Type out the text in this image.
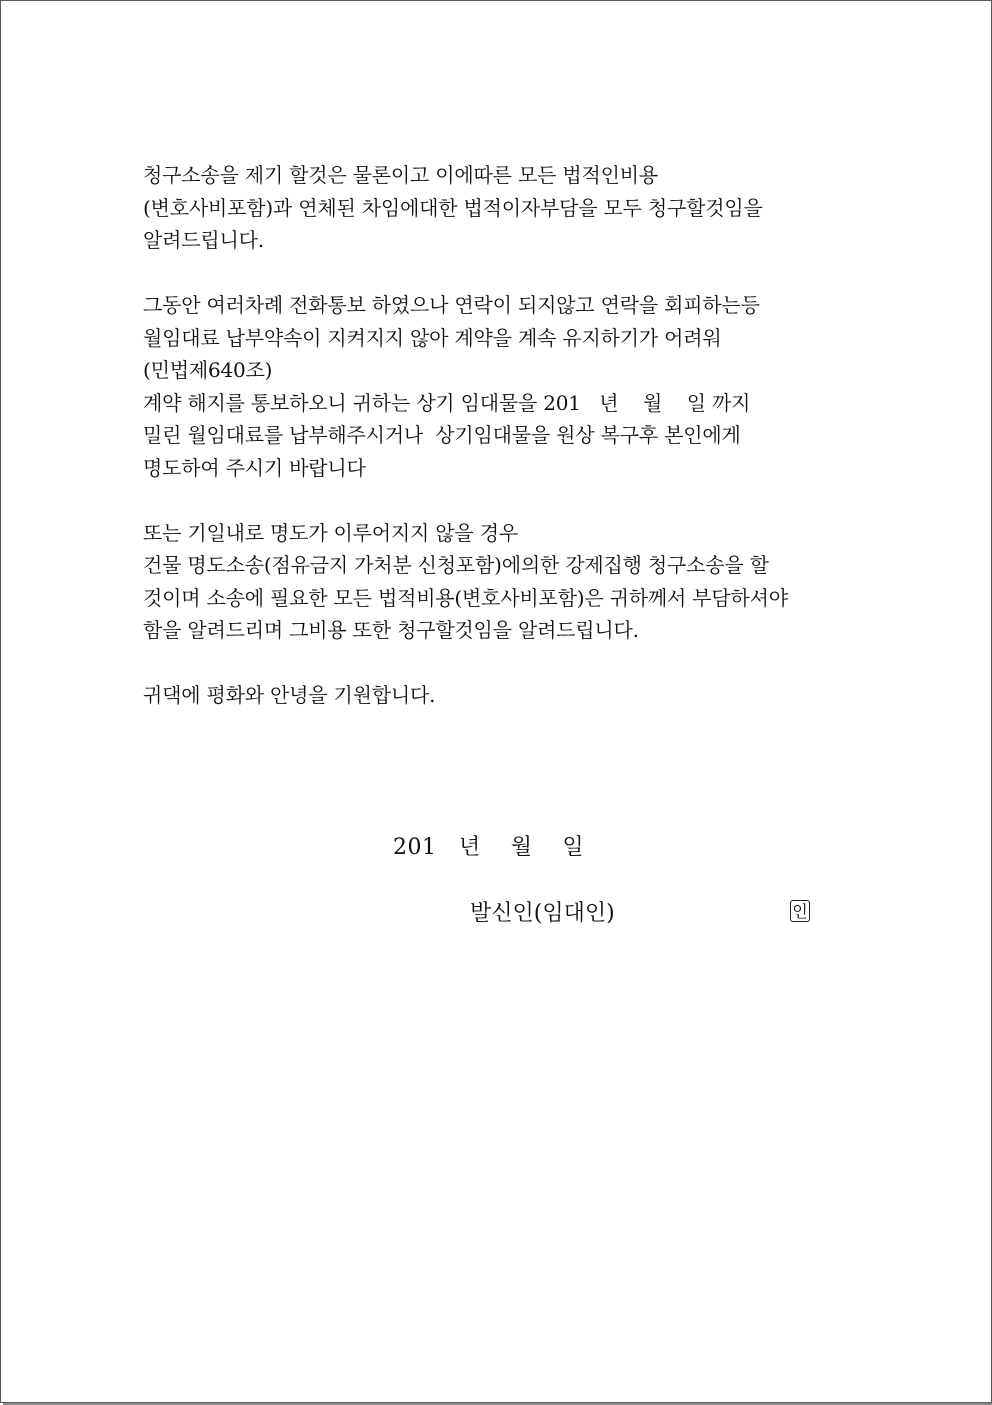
청구소송을 제기 할것은 물론이고 이에따른 모든 법적인비용
(변호사비포함)과 연체된 차임에대한 법적이자부담을 모두 청구할것임을
알려드립니다.
그동안 여러차례 전화통보 하였으나 연락이 되지않고 연락을 회피하는등
월임대료 납부약속이 지켜지지 않아 계약을 계속 유지하기가 어려워
(민법제640조)
계약 해지를 통보하오니 귀하는 상기 임대물을 201   년    월    일 까지
밀린 월임대료를 납부해주시거나  상기임대물을 원상 복구후 본인에게
명도하여 주시기 바랍니다
또는 기일내로 명도가 이루어지지 않을 경우
건물 명도소송(점유금지 가처분 신청포함)에의한 강제집행 청구소송을 할
것이며 소송에 필요한 모든 법적비용(변호사비포함)은 귀하께서 부담하셔야
함을 알려드리며 그비용 또한 청구할것임을 알려드립니다.
귀댁에 평화와 안녕을 기원합니다.
201   년    월    일
발신인(임대인)	인
